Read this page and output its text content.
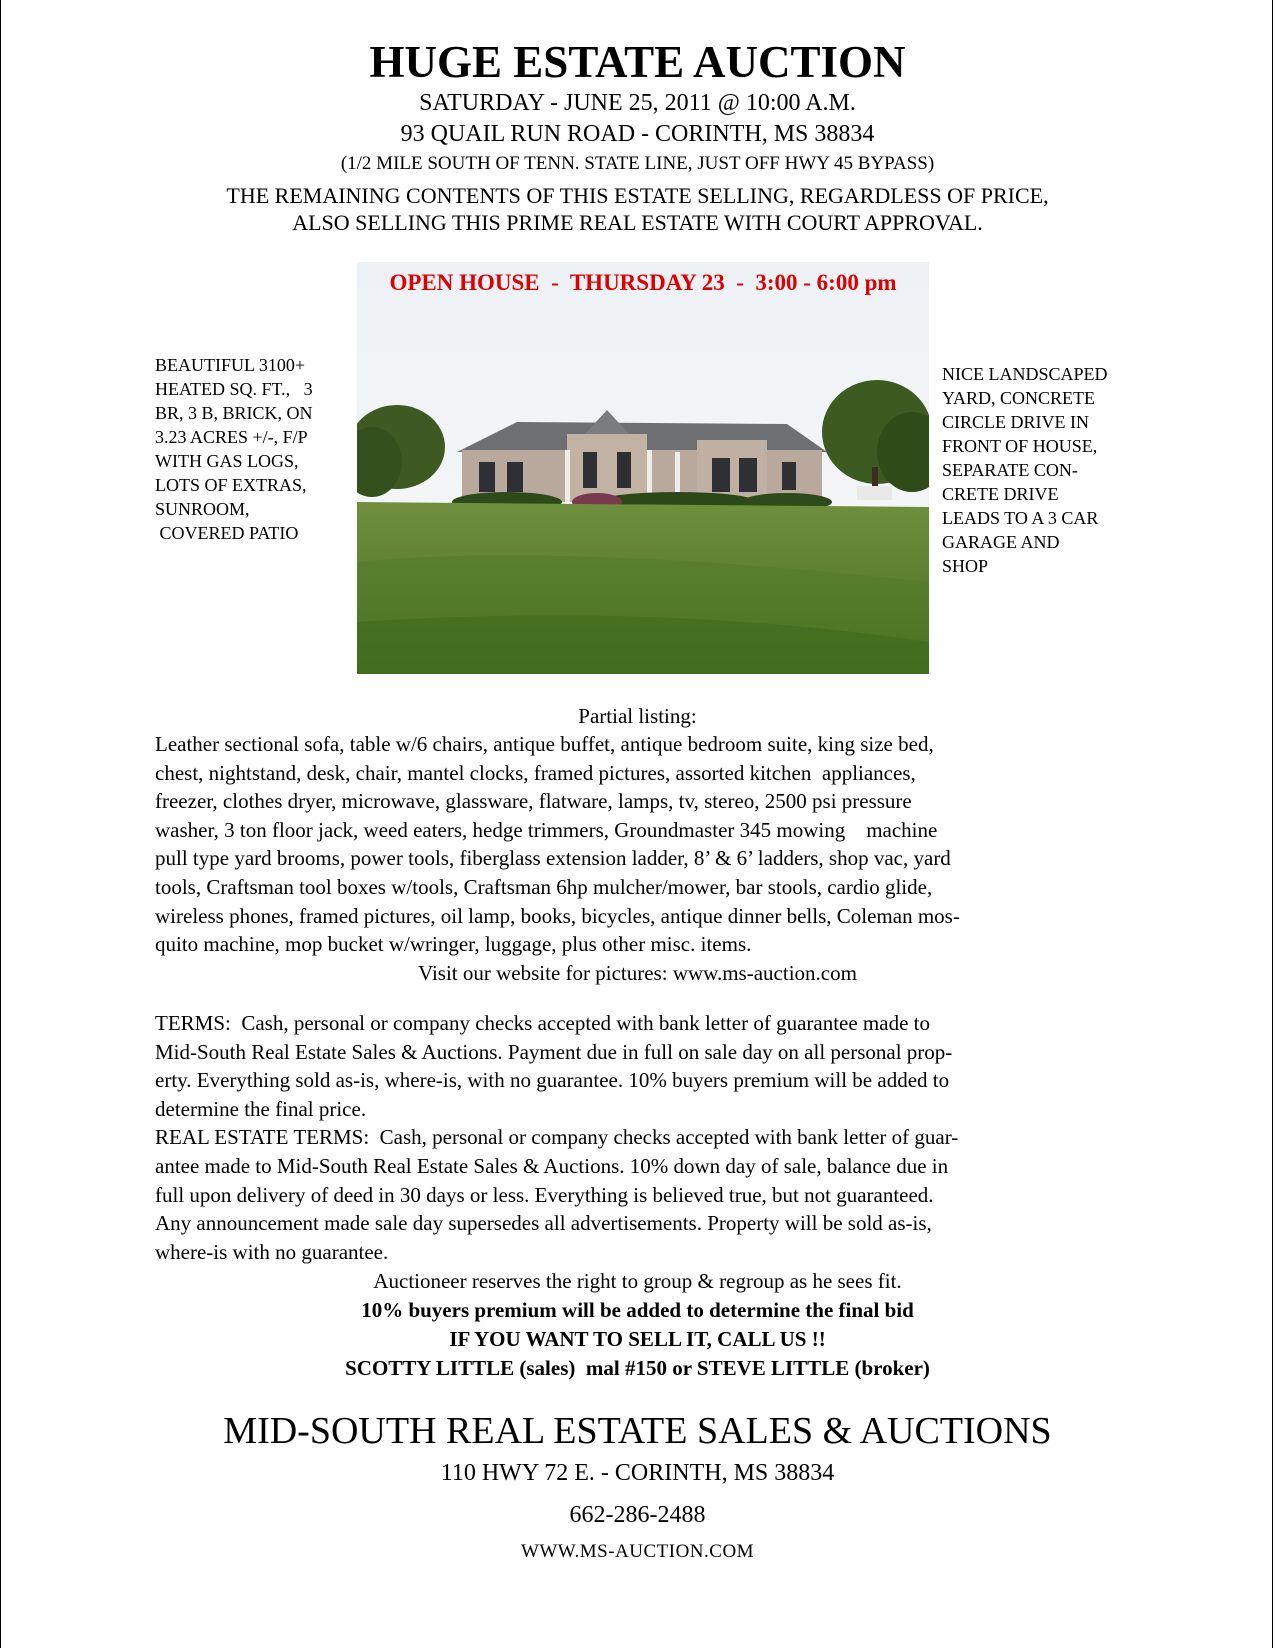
HUGE ESTATE AUCTION
SATURDAY - JUNE 25, 2011 @ 10:00 A.M.
93 QUAIL RUN ROAD - CORINTH, MS 38834
(1/2 MILE SOUTH OF TENN. STATE LINE, JUST OFF HWY 45 BYPASS)
THE REMAINING CONTENTS OF THIS ESTATE SELLING, REGARDLESS OF PRICE,
ALSO SELLING THIS PRIME REAL ESTATE WITH COURT APPROVAL.
OPEN HOUSE  -  THURSDAY 23  -  3:00 - 6:00 pm
BEAUTIFUL 3100+
HEATED SQ. FT.,   3
BR, 3 B, BRICK, ON
3.23 ACRES +/-, F/P
WITH GAS LOGS,
LOTS OF EXTRAS,
SUNROOM,
COVERED PATIO
NICE LANDSCAPED
YARD, CONCRETE
CIRCLE DRIVE IN
FRONT OF HOUSE,
SEPARATE CON-
CRETE DRIVE
LEADS TO A 3 CAR
GARAGE AND
SHOP
Partial listing:
Leather sectional sofa, table w/6 chairs, antique buffet, antique bedroom suite, king size bed,
chest, nightstand, desk, chair, mantel clocks, framed pictures, assorted kitchen  appliances,
freezer, clothes dryer, microwave, glassware, flatware, lamps, tv, stereo, 2500 psi pressure
washer, 3 ton floor jack, weed eaters, hedge trimmers, Groundmaster 345 mowing    machine
pull type yard brooms, power tools, fiberglass extension ladder, 8’ & 6’ ladders, shop vac, yard
tools, Craftsman tool boxes w/tools, Craftsman 6hp mulcher/mower, bar stools, cardio glide,
wireless phones, framed pictures, oil lamp, books, bicycles, antique dinner bells, Coleman mos-
quito machine, mop bucket w/wringer, luggage, plus other misc. items.
Visit our website for pictures: www.ms-auction.com
TERMS:  Cash, personal or company checks accepted with bank letter of guarantee made to
Mid-South Real Estate Sales & Auctions. Payment due in full on sale day on all personal prop-
erty. Everything sold as-is, where-is, with no guarantee. 10% buyers premium will be added to
determine the final price.
REAL ESTATE TERMS:  Cash, personal or company checks accepted with bank letter of guar-
antee made to Mid-South Real Estate Sales & Auctions. 10% down day of sale, balance due in
full upon delivery of deed in 30 days or less. Everything is believed true, but not guaranteed.
Any announcement made sale day supersedes all advertisements. Property will be sold as-is,
where-is with no guarantee.
Auctioneer reserves the right to group & regroup as he sees fit.
10% buyers premium will be added to determine the final bid
IF YOU WANT TO SELL IT, CALL US !!
SCOTTY LITTLE (sales)  mal #150 or STEVE LITTLE (broker)
MID-SOUTH REAL ESTATE SALES & AUCTIONS
110 HWY 72 E. - CORINTH, MS 38834
662-286-2488
WWW.MS-AUCTION.COM
